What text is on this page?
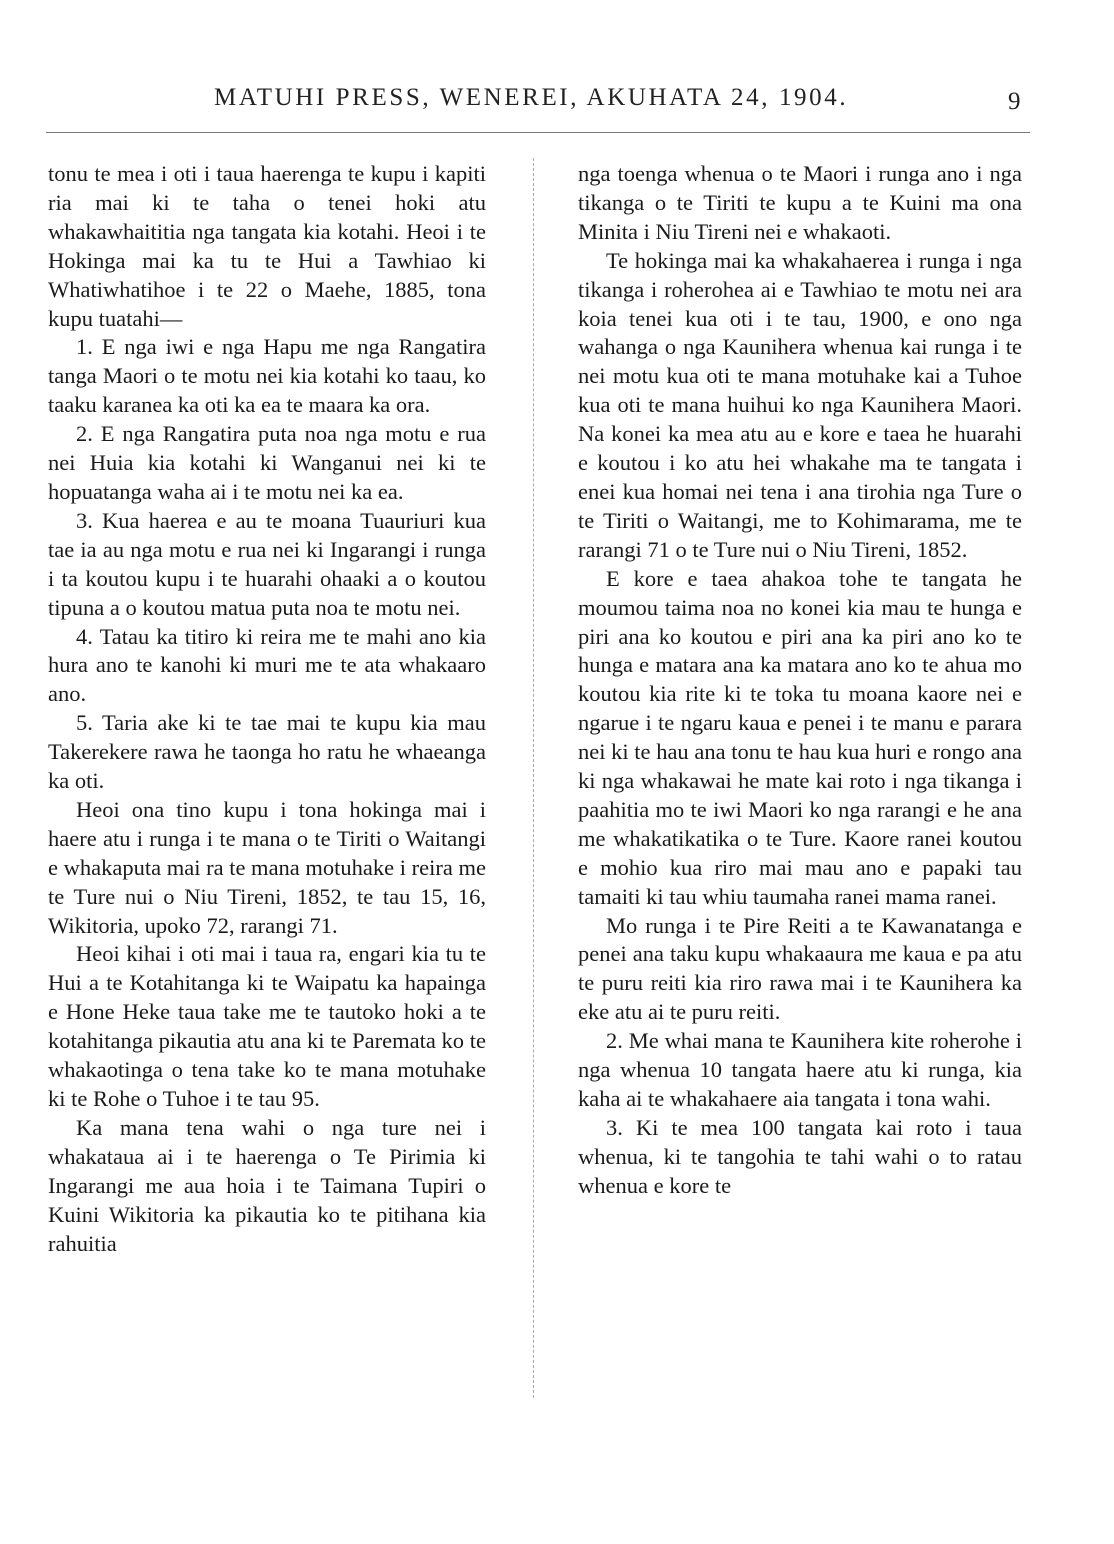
MATUHI PRESS, WENEREI, AKUHATA 24, 1904.	9

tonu te mea i oti i taua haerenga te kupu i kapiti ria mai ki te taha o tenei hoki atu whakawhaititia nga tangata kia kotahi. Heoi i te Hokinga mai ka tu te Hui a Tawhiao ki Whatiwhatihoe i te 22 o Maehe, 1885, tona kupu tuatahi—

1. E nga iwi e nga Hapu me nga Rangatira tanga Maori o te motu nei kia kotahi ko taau, ko taaku karanea ka oti ka ea te maara ka ora.

2. E nga Rangatira puta noa nga motu e rua nei Huia kia kotahi ki Wanganui nei ki te hopuatanga waha ai i te motu nei ka ea.

3. Kua haerea e au te moana Tuauriuri kua tae ia au nga motu e rua nei ki Ingarangi i runga i ta koutou kupu i te huarahi ohaaki a o koutou tipuna a o koutou matua puta noa te motu nei.

4. Tatau ka titiro ki reira me te mahi ano kia hura ano te kanohi ki muri me te ata whakaaro ano.

5. Taria ake ki te tae mai te kupu kia mau Takerekere rawa he taonga ho ratu he whaeanga ka oti.

Heoi ona tino kupu i tona hokinga mai i haere atu i runga i te mana o te Tiriti o Waitangi e whakaputa mai ra te mana motuhake i reira me te Ture nui o Niu Tireni, 1852, te tau 15, 16, Wikitoria, upoko 72, rarangi 71.

Heoi kihai i oti mai i taua ra, engari kia tu te Hui a te Kotahitanga ki te Waipatu ka hapainga e Hone Heke taua take me te tautoko hoki a te kotahitanga pikautia atu ana ki te Paremata ko te whakaotinga o tena take ko te mana motuhake ki te Rohe o Tuhoe i te tau 95.

Ka mana tena wahi o nga ture nei i whakataua ai i te haerenga o Te Pirimia ki Ingarangi me aua hoia i te Taimana Tupiri o Kuini Wikitoria ka pikautia ko te pitihana kia rahuitia

nga toenga whenua o te Maori i runga ano i nga tikanga o te Tiriti te kupu a te Kuini ma ona Minita i Niu Tireni nei e whakaoti.

Te hokinga mai ka whakahaerea i runga i nga tikanga i roherohea ai e Tawhiao te motu nei ara koia tenei kua oti i te tau, 1900, e ono nga wahanga o nga Kaunihera whenua kai runga i te nei motu kua oti te mana motuhake kai a Tuhoe kua oti te mana huihui ko nga Kaunihera Maori. Na konei ka mea atu au e kore e taea he huarahi e koutou i ko atu hei whakahe ma te tangata i enei kua homai nei tena i ana tirohia nga Ture o te Tiriti o Waitangi, me to Kohimarama, me te rarangi 71 o te Ture nui o Niu Tireni, 1852.

E kore e taea ahakoa tohe te tangata he moumou taima noa no konei kia mau te hunga e piri ana ko koutou e piri ana ka piri ano ko te hunga e matara ana ka matara ano ko te ahua mo koutou kia rite ki te toka tu moana kaore nei e ngarue i te ngaru kaua e penei i te manu e parara nei ki te hau ana tonu te hau kua huri e rongo ana ki nga whakawai he mate kai roto i nga tikanga i paahitia mo te iwi Maori ko nga rarangi e he ana me whakatikatika o te Ture. Kaore ranei koutou e mohio kua riro mai mau ano e papaki tau tamaiti ki tau whiu taumaha ranei mama ranei.

Mo runga i te Pire Reiti a te Kawanatanga e penei ana taku kupu whakaaura me kaua e pa atu te puru reiti kia riro rawa mai i te Kaunihera ka eke atu ai te puru reiti.

2. Me whai mana te Kaunihera kite roherohe i nga whenua 10 tangata haere atu ki runga, kia kaha ai te whakahaere aia tangata i tona wahi.

3. Ki te mea 100 tangata kai roto i taua whenua, ki te tangohia te tahi wahi o to ratau whenua e kore te
